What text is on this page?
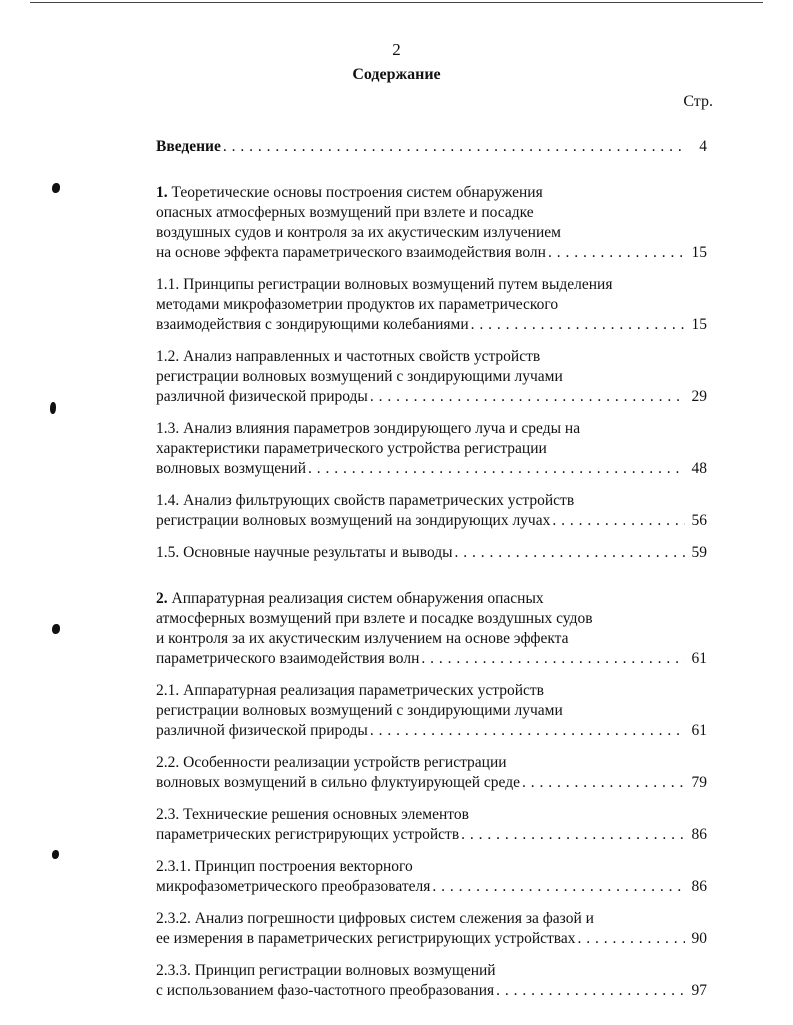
2
Содержание
Стр.
Введение . . .	4
1. Теоретические основы построения систем обнаружения
опасных атмосферных возмущений при взлете и посадке
воздушных судов и контроля за их акустическим излучением
на основе эффекта параметрического взаимодействия волн . . .	15
1.1. Принципы регистрации волновых возмущений путем выделения
методами микрофазометрии продуктов их параметрического
взаимодействия с зондирующими колебаниями . . .	15
1.2. Анализ направленных и частотных свойств устройств
регистрации волновых возмущений с зондирующими лучами
различной физической природы . . .	29
1.3. Анализ влияния параметров зондирующего луча и среды на
характеристики параметрического устройства регистрации
волновых возмущений . . .	48
1.4. Анализ фильтрующих свойств параметрических устройств
регистрации волновых возмущений на зондирующих лучах . . .	56
1.5. Основные научные результаты и выводы . . .	59
2. Аппаратурная реализация систем обнаружения опасных
атмосферных возмущений при взлете и посадке воздушных судов
и контроля за их акустическим излучением на основе эффекта
параметрического взаимодействия волн . . .	61
2.1. Аппаратурная реализация параметрических устройств
регистрации волновых возмущений с зондирующими лучами
различной физической природы . . .	61
2.2. Особенности реализации устройств регистрации
волновых возмущений в сильно флуктуирующей среде . . .	79
2.3. Технические решения основных элементов
параметрических регистрирующих устройств . . .	86
2.3.1. Принцип построения векторного
микрофазометрического преобразователя . . .	86
2.3.2. Анализ погрешности цифровых систем слежения за фазой и
ее измерения в параметрических регистрирующих устройствах . . .	90
2.3.3. Принцип регистрации волновых возмущений
с использованием фазо-частотного преобразования . . .	97
